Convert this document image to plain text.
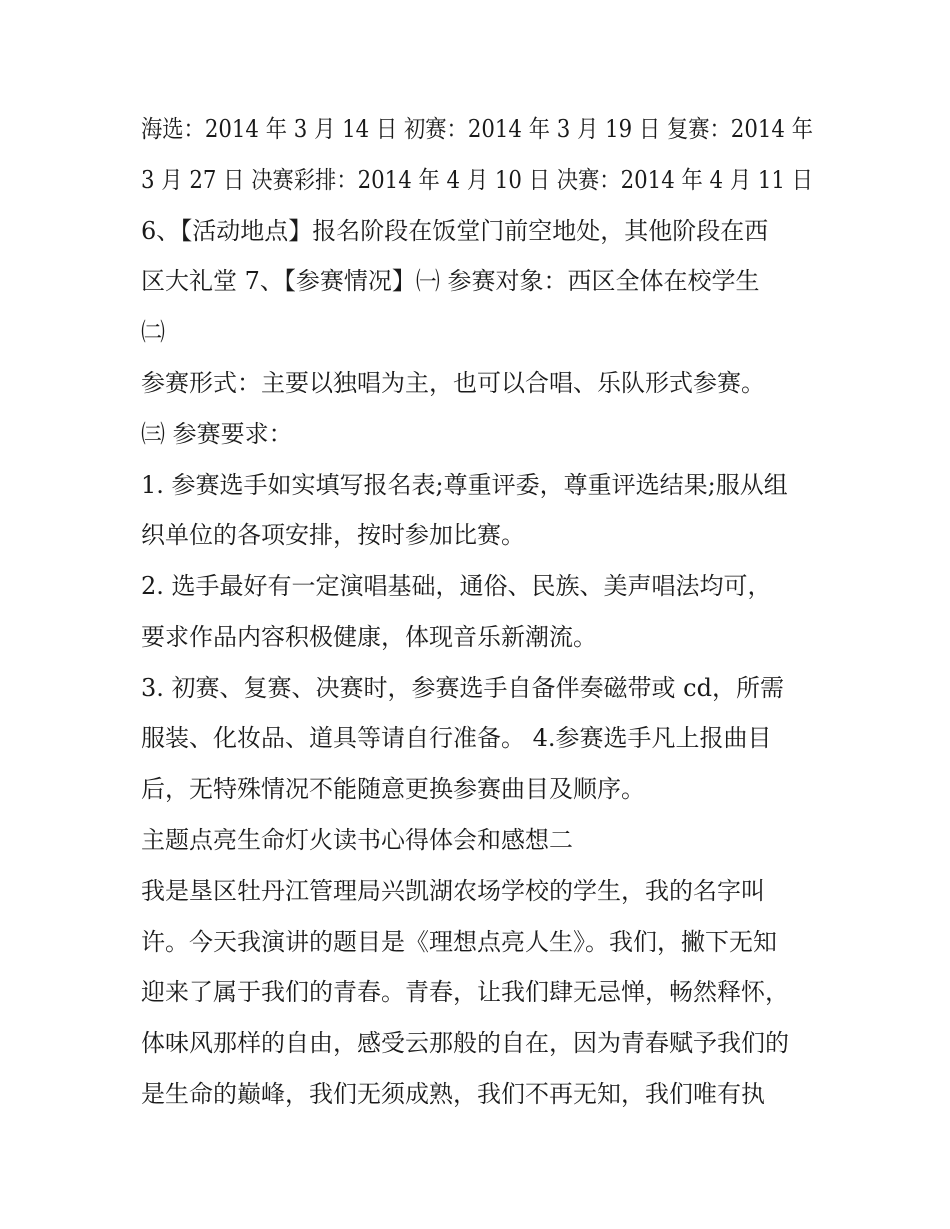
海选：2014 年 3 月 14 日 初赛：2014 年 3 月 19 日 复赛：2014 年
3 月 27 日 决赛彩排：2014 年 4 月 10 日 决赛：2014 年 4 月 11 日
6、【活动地点】报名阶段在饭堂门前空地处，其他阶段在西
区大礼堂 7、【参赛情况】㈠ 参赛对象：西区全体在校学生
㈡
参赛形式：主要以独唱为主，也可以合唱、乐队形式参赛。
㈢ 参赛要求：
1. 参赛选手如实填写报名表;尊重评委，尊重评选结果;服从组
织单位的各项安排，按时参加比赛。
2. 选手最好有一定演唱基础，通俗、民族、美声唱法均可，
要求作品内容积极健康，体现音乐新潮流。
3. 初赛、复赛、决赛时，参赛选手自备伴奏磁带或 cd，所需
服装、化妆品、道具等请自行准备。 4.参赛选手凡上报曲目
后，无特殊情况不能随意更换参赛曲目及顺序。
主题点亮生命灯火读书心得体会和感想二
我是垦区牡丹江管理局兴凯湖农场学校的学生，我的名字叫
许。今天我演讲的题目是《理想点亮人生》。我们，撇下无知
迎来了属于我们的青春。青春，让我们肆无忌惮，畅然释怀，
体味风那样的自由，感受云那般的自在，因为青春赋予我们的
是生命的巅峰，我们无须成熟，我们不再无知，我们唯有执
